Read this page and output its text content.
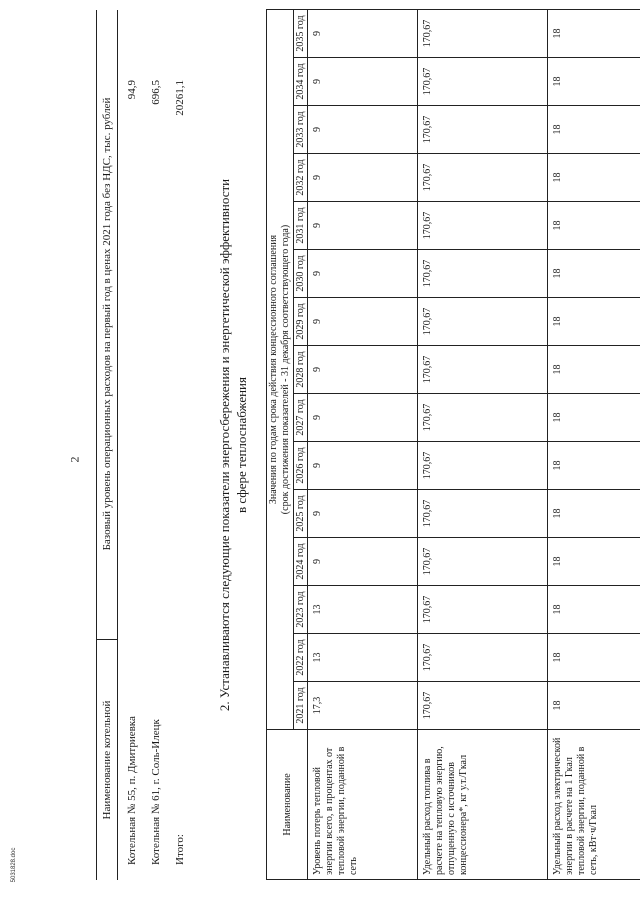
2
Наименование котельной
Базовый уровень операционных расходов на первый год в ценах 2021 года без НДС, тыс. рублей
Котельная № 55, п. Дмитриевка
94,9
Котельная № 61, г. Соль-Илецк
696,5
Итого:
20261,1
2. Устанавливаются следующие показатели энергосбережения и энергетической эффективности в сфере теплоснабжения
Наименование	Значения по годам срока действия концессионного соглашения (срок достижения показателей - 31 декабря соответствующего года)														

	2021 год	2022 год	2023 год	2024 год	2025 год	2026 год	2027 год	2028 год	2029 год	2030 год	2031 год	2032 год	2033 год	2034 год	2035 год
Уровень потерь тепловой энергии всего, в процентах от тепловой энергии, поданной в сеть	17,3	13	13	9	9	9	9	9	9	9	9	9	9	9	9
Удельный расход топлива в расчете на тепловую энергию, отпущенную с источников концессионера*, кг у.т./Гкал	170,67	170,67	170,67	170,67	170,67	170,67	170,67	170,67	170,67	170,67	170,67	170,67	170,67	170,67	170,67
Удельный расход электрической энергии в расчете на 1 Гкал тепловой энергии, поданной в сеть, кВт·ч/Гкал	18	18	18	18	18	18	18	18	18	18	18	18	18	18	18
5031828.doc
